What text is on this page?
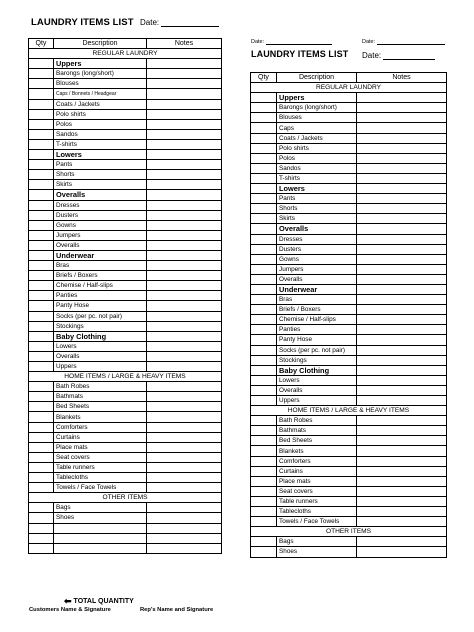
LAUNDRY ITEMS LIST Date:
Qty	Description	Notes
REGULAR LAUNDRY		
	Uppers	
	Barongs (long/short)	
	Blouses	
	Caps / Bonnets / Headgear	
	Coats / Jackets	
	Polo shirts	
	Polos	
	Sandos	
	T-shirts	
	Lowers	
	Pants	
	Shorts	
	Skirts	
	Overalls	
	Dresses	
	Dusters	
	Gowns	
	Jumpers	
	Overalls	
	Underwear	
	Bras	
	Briefs / Boxers	
	Chemise / Half-slips	
	Panties	
	Panty Hose	
	Socks (per pc. not pair)	
	Stockings	
	Baby Clothing	
	Lowers	
	Overalls	
	Uppers	
HOME ITEMS / LARGE & HEAVY ITEMS		
	Bath Robes	
	Bathmats	
	Bed Sheets	
	Blankets	
	Comforters	
	Curtains	
	Place mats	
	Seat covers	
	Table runners	
	Tablecloths	
	Towels / Face Towels	
OTHER ITEMS		
	Bags	
	Shoes	

⬅ TOTAL QUANTITY
Customers Name & Signature	Rep's Name and Signature
Date:	Date:
LAUNDRY ITEMS LIST Date:
Qty	Description	Notes
REGULAR LAUNDRY		
	Uppers	
	Barongs (long/short)	
	Blouses	
	Caps	
	Coats / Jackets	
	Polo shirts	
	Polos	
	Sandos	
	T-shirts	
	Lowers	
	Pants	
	Shorts	
	Skirts	
	Overalls	
	Dresses	
	Dusters	
	Gowns	
	Jumpers	
	Overalls	
	Underwear	
	Bras	
	Briefs / Boxers	
	Chemise / Half-slips	
	Panties	
	Panty Hose	
	Socks (per pc. not pair)	
	Stockings	
	Baby Clothing	
	Lowers	
	Overalls	
	Uppers	
HOME ITEMS / LARGE & HEAVY ITEMS		
	Bath Robes	
	Bathmats	
	Bed Sheets	
	Blankets	
	Comforters	
	Curtains	
	Place mats	
	Seat covers	
	Table runners	
	Tablecloths	
	Towels / Face Towels	
OTHER ITEMS		
	Bags	
	Shoes	
